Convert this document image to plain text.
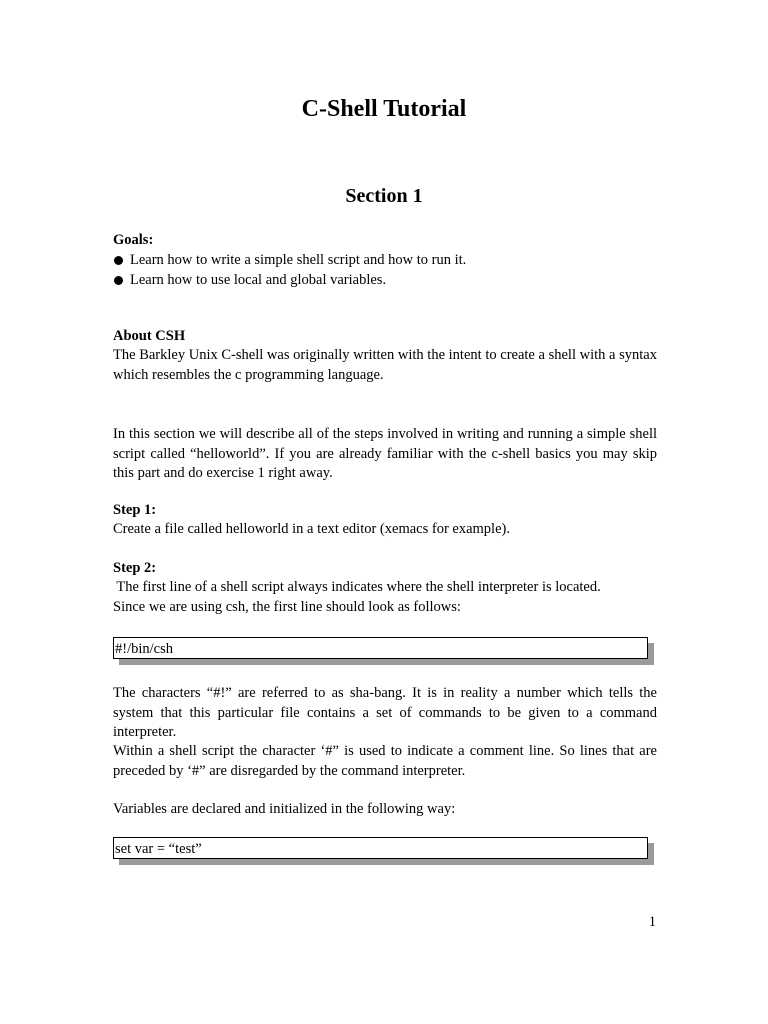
C-Shell Tutorial
Section 1
Goals:
Learn how to write a simple shell script and how to run it.
Learn how to use local and global variables.
About CSH
The Barkley Unix C-shell was originally written with the intent to create a shell with a syntax which resembles the c programming language.
In this section we will describe all of the steps involved in writing and running a simple shell script called “helloworld”. If you are already familiar with the c-shell basics you may skip this part and do exercise 1 right away.
Step 1:
Create a file called helloworld in a text editor (xemacs for example).
Step 2:
The first line of a shell script always indicates where the shell interpreter is located.
Since we are using csh, the first line should look as follows:
#!/bin/csh
The characters “#!” are referred to as sha-bang. It is in reality a number which tells the system that this particular file contains a set of commands to be given to a command interpreter.
Within a shell script the character ‘#” is used to indicate a comment line. So lines that are preceded by ‘#” are disregarded by the command interpreter.
Variables are declared and initialized in the following way:
set var = “test”
1
